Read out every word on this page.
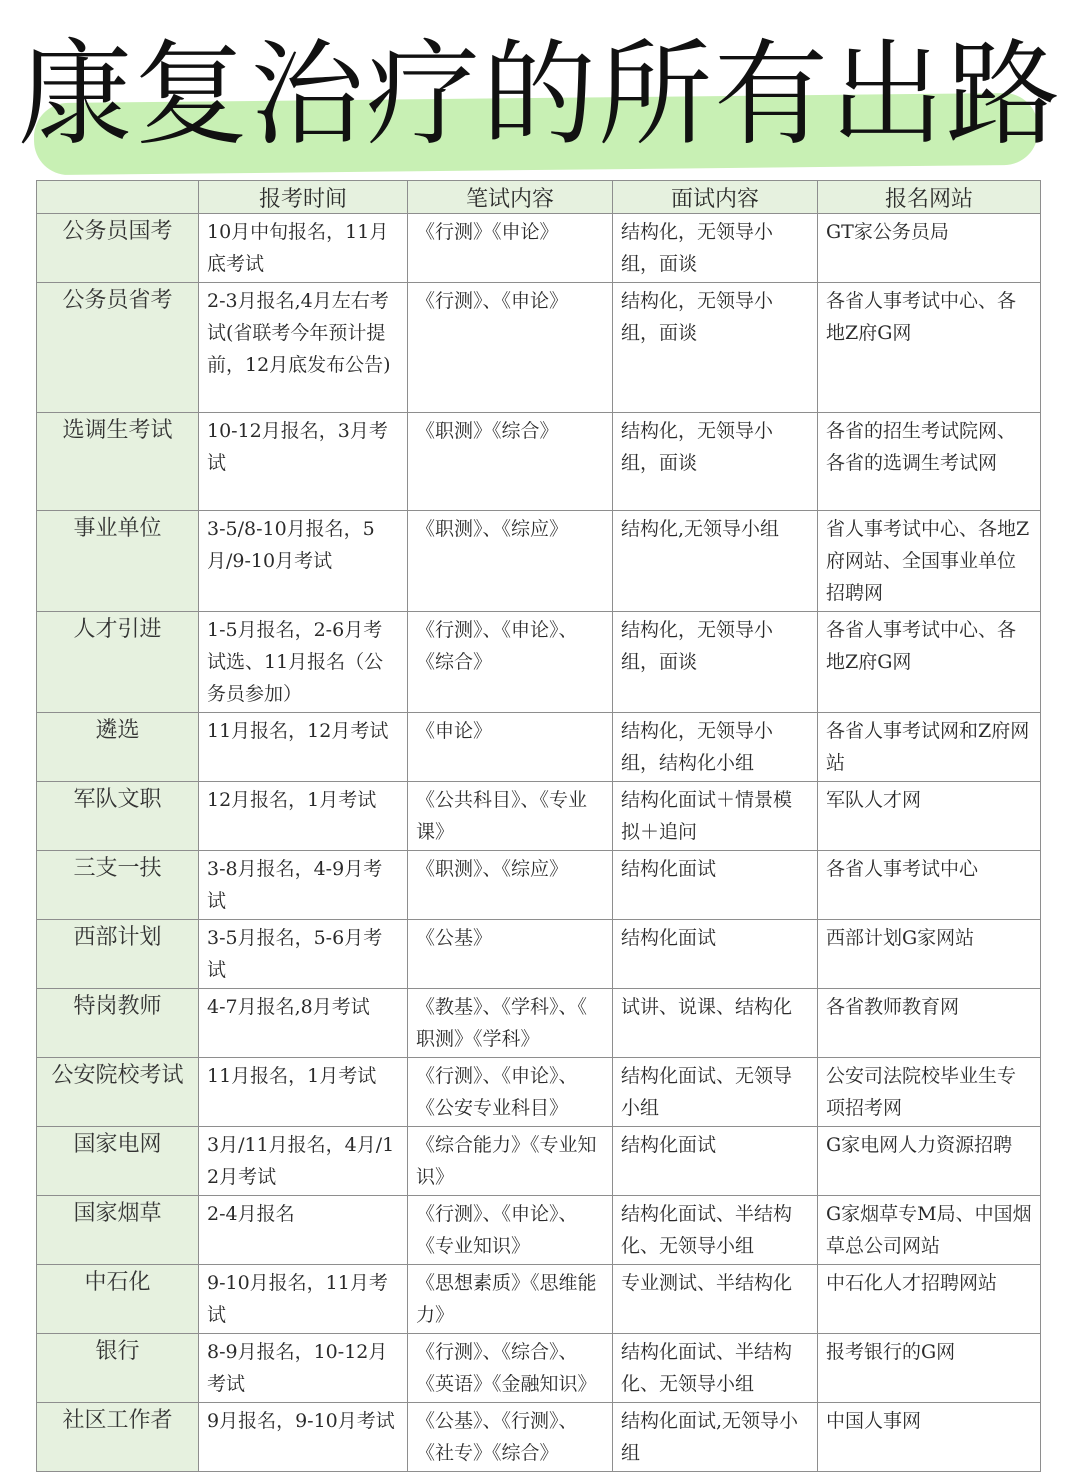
康复治疗的所有出路
	报考时间	笔试内容	面试内容	报名网站
公务员国考	10月中旬报名，11月底考试	《行测》《申论》	结构化，无领导小组，面谈	GT家公务员局
公务员省考	2-3月报名,4月左右考试(省联考今年预计提前，12月底发布公告)	《行测》、《申论》	结构化，无领导小组，面谈	各省人事考试中心、各地Z府G网
选调生考试	10-12月报名，3月考试	《职测》《综合》	结构化，无领导小组，面谈	各省的招生考试院网、各省的选调生考试网
事业单位	3-5/8-10月报名，5月/9-10月考试	《职测》、《综应》	结构化,无领导小组	省人事考试中心、各地Z府网站、全国事业单位招聘网
人才引进	1-5月报名，2-6月考试选、11月报名（公务员参加）	《行测》、《申论》、《综合》	结构化，无领导小组，面谈	各省人事考试中心、各地Z府G网
遴选	11月报名，12月考试	《申论》	结构化，无领导小组，结构化小组	各省人事考试网和Z府网站
军队文职	12月报名，1月考试	《公共科目》、《专业课》	结构化面试＋情景模拟＋追问	军队人才网
三支一扶	3-8月报名，4-9月考试	《职测》、《综应》	结构化面试	各省人事考试中心
西部计划	3-5月报名，5-6月考试	《公基》	结构化面试	西部计划G家网站
特岗教师	4-7月报名,8月考试	《教基》、《学科》、《 职测》《学科》	试讲、说课、结构化	各省教师教育网
公安院校考试	11月报名，1月考试	《行测》、《申论》、《公安专业科目》	结构化面试、无领导小组	公安司法院校毕业生专项招考网
国家电网	3月/11月报名，4月/12月考试	《综合能力》《专业知识》	结构化面试	G家电网人力资源招聘
国家烟草	2-4月报名	《行测》、《申论》、《专业知识》	结构化面试、半结构化、无领导小组	G家烟草专M局、中国烟草总公司网站
中石化	9-10月报名，11月考试	《思想素质》《思维能力》	专业测试、半结构化	中石化人才招聘网站
银行	8-9月报名，10-12月考试	《行测》、《综合》、《英语》《金融知识》	结构化面试、半结构化、无领导小组	报考银行的G网
社区工作者	9月报名，9-10月考试	《公基》、《行测》、《社专》《综合》	结构化面试,无领导小组	中国人事网
